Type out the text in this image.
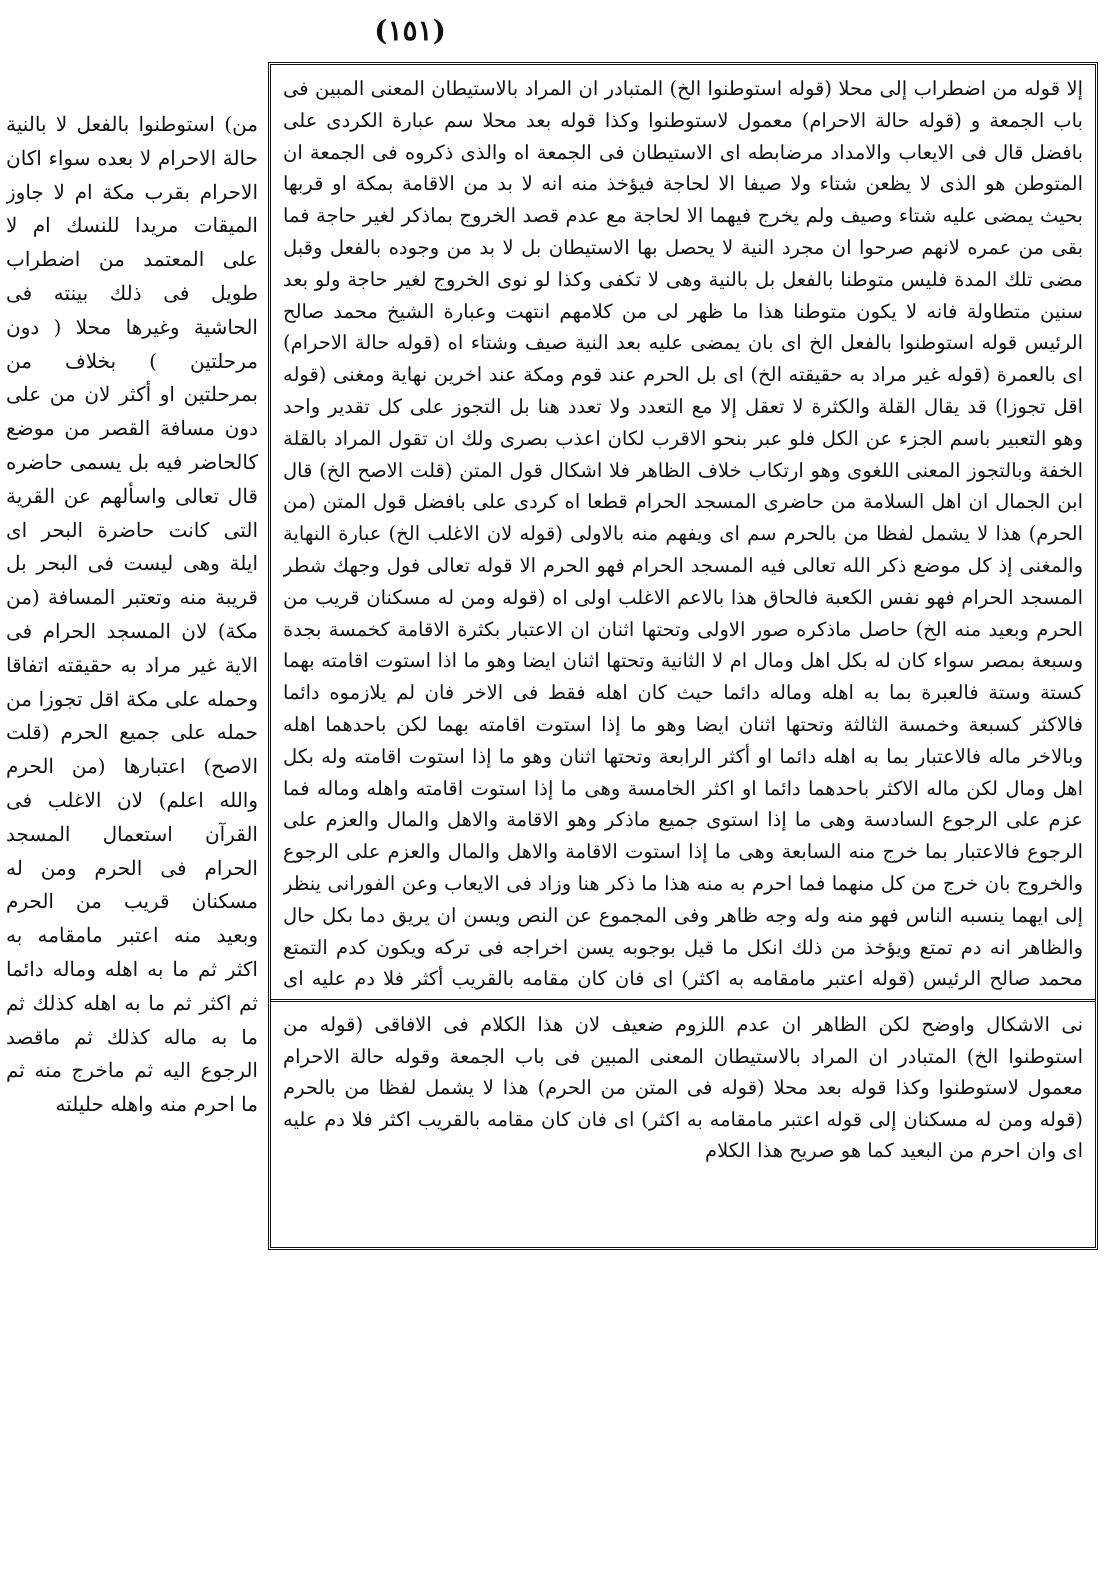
(١٥١)
إلا قوله من اضطراب إلى محلا (قوله استوطنوا الخ) المتبادر ان المراد بالاستيطان المعنى المبين فى باب الجمعة و (قوله حالة الاحرام) معمول لاستوطنوا وكذا قوله بعد محلا سم عبارة الكردى على بافضل قال فى الايعاب والامداد مرضابطه اى الاستيطان فى الجمعة اه والذى ذكروه فى الجمعة ان المتوطن هو الذى لا يظعن شتاء ولا صيفا الا لحاجة فيؤخذ منه انه لا بد من الاقامة بمكة او قربها بحيث يمضى عليه شتاء وصيف ولم يخرج فيهما الا لحاجة مع عدم قصد الخروج بماذكر لغير حاجة فما بقى من عمره لانهم صرحوا ان مجرد النية لا يحصل بها الاستيطان بل لا بد من وجوده بالفعل وقبل مضى تلك المدة فليس متوطنا بالفعل بل بالنية وهى لا تكفى وكذا لو نوى الخروج لغير حاجة ولو بعد سنين متطاولة فانه لا يكون متوطنا هذا ما ظهر لى من كلامهم انتهت وعبارة الشيخ محمد صالح الرئيس قوله استوطنوا بالفعل الخ اى بان يمضى عليه بعد النية صيف وشتاء اه (قوله حالة الاحرام) اى بالعمرة (قوله غير مراد به حقيقته الخ) اى بل الحرم عند قوم ومكة عند اخرين نهاية ومغنى (قوله اقل تجوزا) قد يقال القلة والكثرة لا تعقل إلا مع التعدد ولا تعدد هنا بل التجوز على كل تقدير واحد وهو التعبير باسم الجزء عن الكل فلو عبر بنحو الاقرب لكان اعذب بصرى ولك ان تقول المراد بالقلة الخفة وبالتجوز المعنى اللغوى وهو ارتكاب خلاف الظاهر فلا اشكال قول المتن (قلت الاصح الخ) قال ابن الجمال ان اهل السلامة من حاضرى المسجد الحرام قطعا اه كردى على بافضل قول المتن (من الحرم) هذا لا يشمل لفظا من بالحرم سم اى ويفهم منه بالاولى (قوله لان الاغلب الخ) عبارة النهاية والمغنى إذ كل موضع ذكر الله تعالى فيه المسجد الحرام فهو الحرم الا قوله تعالى فول وجهك شطر المسجد الحرام فهو نفس الكعبة فالحاق هذا بالاعم الاغلب اولى اه (قوله ومن له مسكنان قريب من الحرم وبعيد منه الخ) حاصل ماذكره صور الاولى وتحتها اثنان ان الاعتبار بكثرة الاقامة كخمسة بجدة وسبعة بمصر سواء كان له بكل اهل ومال ام لا الثانية وتحتها اثنان ايضا وهو ما اذا استوت اقامته بهما كستة وستة فالعبرة بما به اهله وماله دائما حيث كان اهله فقط فى الاخر فان لم يلازموه دائما فالاكثر كسبعة وخمسة الثالثة وتحتها اثنان ايضا وهو ما إذا استوت اقامته بهما لكن باحدهما اهله وبالاخر ماله فالاعتبار بما به اهله دائما او أكثر الرابعة وتحتها اثنان وهو ما إذا استوت اقامته وله بكل اهل ومال لكن ماله الاكثر باحدهما دائما او اكثر الخامسة وهى ما إذا استوت اقامته واهله وماله فما عزم على الرجوع السادسة وهى ما إذا استوى جميع ماذكر وهو الاقامة والاهل والمال والعزم على الرجوع فالاعتبار بما خرج منه السابعة وهى ما إذا استوت الاقامة والاهل والمال والعزم على الرجوع والخروج بان خرج من كل منهما فما احرم به منه هذا ما ذكر هنا وزاد فى الايعاب وعن الفورانى ينظر إلى ايهما ينسبه الناس فهو منه وله وجه ظاهر وفى المجموع عن النص ويسن ان يريق دما بكل حال والظاهر انه دم تمتع ويؤخذ من ذلك انكل ما قيل بوجوبه يسن اخراجه فى تركه ويكون كدم التمتع محمد صالح الرئيس (قوله اعتبر مامقامه به اكثر) اى فان كان مقامه بالقريب أكثر فلا دم عليه اى
نى الاشكال واوضح لكن الظاهر ان عدم اللزوم ضعيف لان هذا الكلام فى الافاقى (قوله من استوطنوا الخ) المتبادر ان المراد بالاستيطان المعنى المبين فى باب الجمعة وقوله حالة الاحرام معمول لاستوطنوا وكذا قوله بعد محلا (قوله فى المتن من الحرم) هذا لا يشمل لفظا من بالحرم (قوله ومن له مسكنان إلى قوله اعتبر مامقامه به اكثر) اى فان كان مقامه بالقريب اكثر فلا دم عليه اى وان احرم من البعيد كما هو صريح هذا الكلام
من) استوطنوا بالفعل لا بالنية حالة الاحرام لا بعده سواء اكان الاحرام بقرب مكة ام لا جاوز الميقات مريدا للنسك ام لا على المعتمد من اضطراب طويل فى ذلك بينته فى الحاشية وغيرها محلا ( دون مرحلتين ) بخلاف من بمرحلتين او أكثر لان من على دون مسافة القصر من موضع كالحاضر فيه بل يسمى حاضره قال تعالى واسألهم عن القرية التى كانت حاضرة البحر اى ايلة وهى ليست فى البحر بل قريبة منه وتعتبر المسافة (من مكة) لان المسجد الحرام فى الاية غير مراد به حقيقته اتفاقا وحمله على مكة اقل تجوزا من حمله على جميع الحرم (قلت الاصح) اعتبارها (من الحرم والله اعلم) لان الاغلب فى القرآن استعمال المسجد الحرام فى الحرم ومن له مسكنان قريب من الحرم وبعيد منه اعتبر مامقامه به اكثر ثم ما به اهله وماله دائما ثم اكثر ثم ما به اهله كذلك ثم ما به ماله كذلك ثم ماقصد الرجوع اليه ثم ماخرج منه ثم ما احرم منه واهله حليلته
